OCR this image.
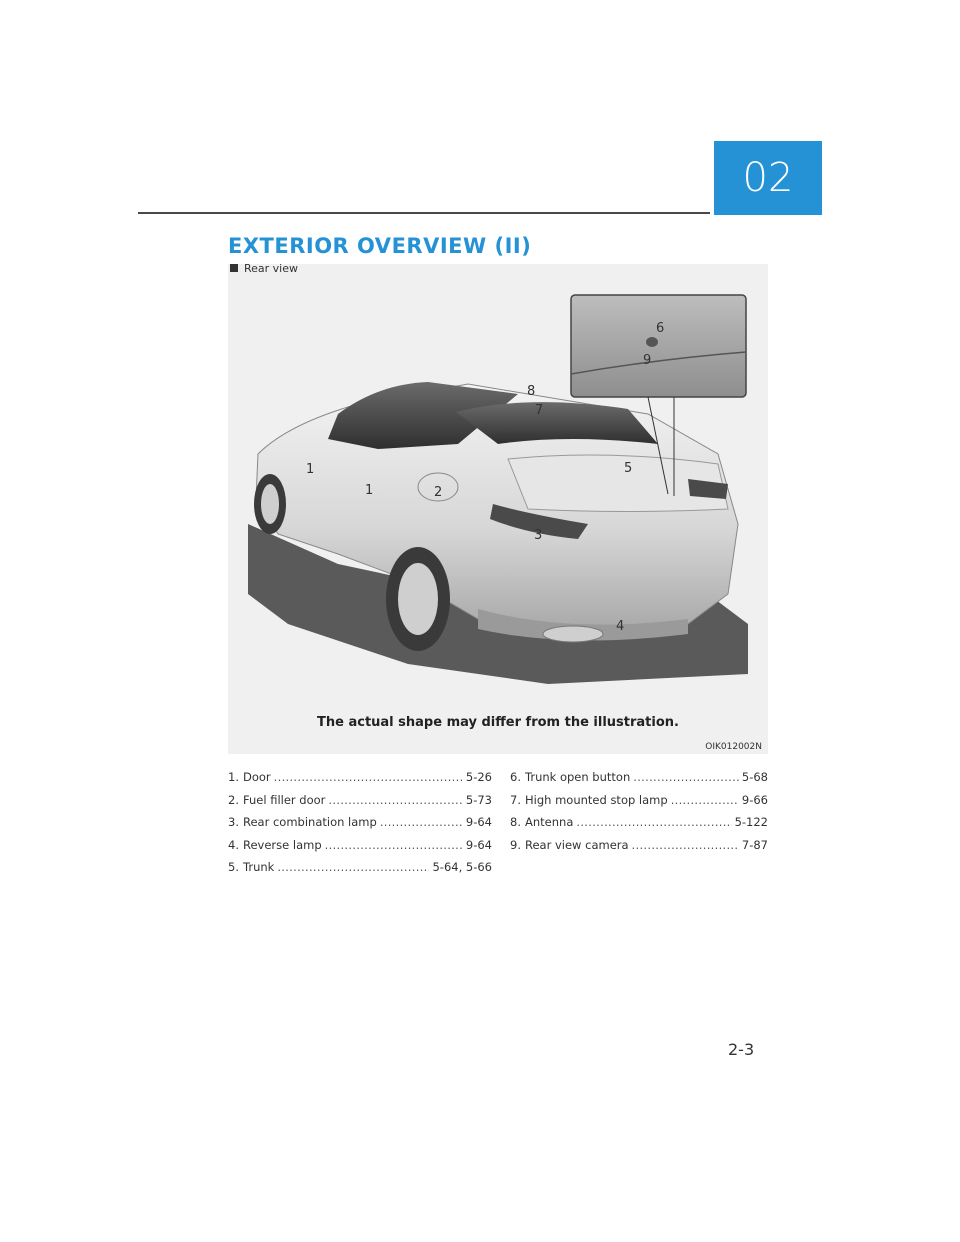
02
EXTERIOR OVERVIEW (II)
1
1	2
3
4
5
6
7
8
9
The actual shape may differ from the illustration.
OIK012002N
Rear view
1. Door .....	5-26
2. Fuel filler door .....	5-73
3. Rear combination lamp .....	9-64
4. Reverse lamp .....	9-64
5. Trunk .....	5-64, 5-66
6. Trunk open button .....	5-68
7. High mounted stop lamp .....	9-66
8. Antenna .....	5-122
9. Rear view camera .....	7-87
2-3
